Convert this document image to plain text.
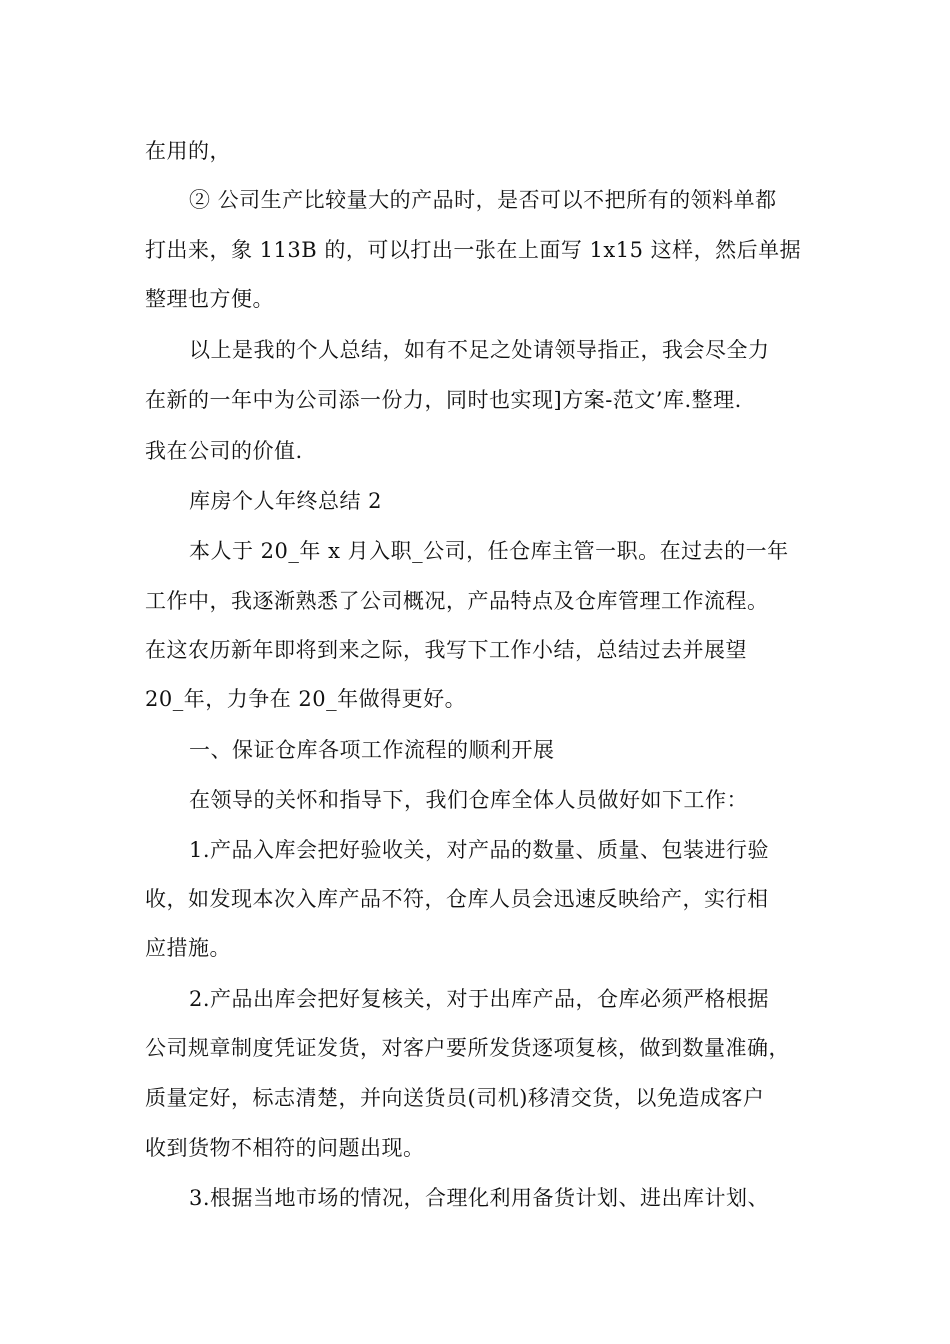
在用的，
② 公司生产比较量大的产品时，是否可以不把所有的领料单都
打出来，象 113B 的，可以打出一张在上面写 1x15 这样，然后单据
整理也方便。
以上是我的个人总结，如有不足之处请领导指正，我会尽全力
在新的一年中为公司添一份力，同时也实现]方案-范文’库.整理.
我在公司的价值.
库房个人年终总结 2
本人于 20_年 x 月入职_公司，任仓库主管一职。在过去的一年
工作中，我逐渐熟悉了公司概况，产品特点及仓库管理工作流程。
在这农历新年即将到来之际，我写下工作小结，总结过去并展望
20_年，力争在 20_年做得更好。
一、保证仓库各项工作流程的顺利开展
在领导的关怀和指导下，我们仓库全体人员做好如下工作：
1.产品入库会把好验收关，对产品的数量、质量、包装进行验
收，如发现本次入库产品不符，仓库人员会迅速反映给产，实行相
应措施。
2.产品出库会把好复核关，对于出库产品，仓库必须严格根据
公司规章制度凭证发货，对客户要所发货逐项复核，做到数量准确，
质量定好，标志清楚，并向送货员(司机)移清交货，以免造成客户
收到货物不相符的问题出现。
3.根据当地市场的情况，合理化利用备货计划、进出库计划、
